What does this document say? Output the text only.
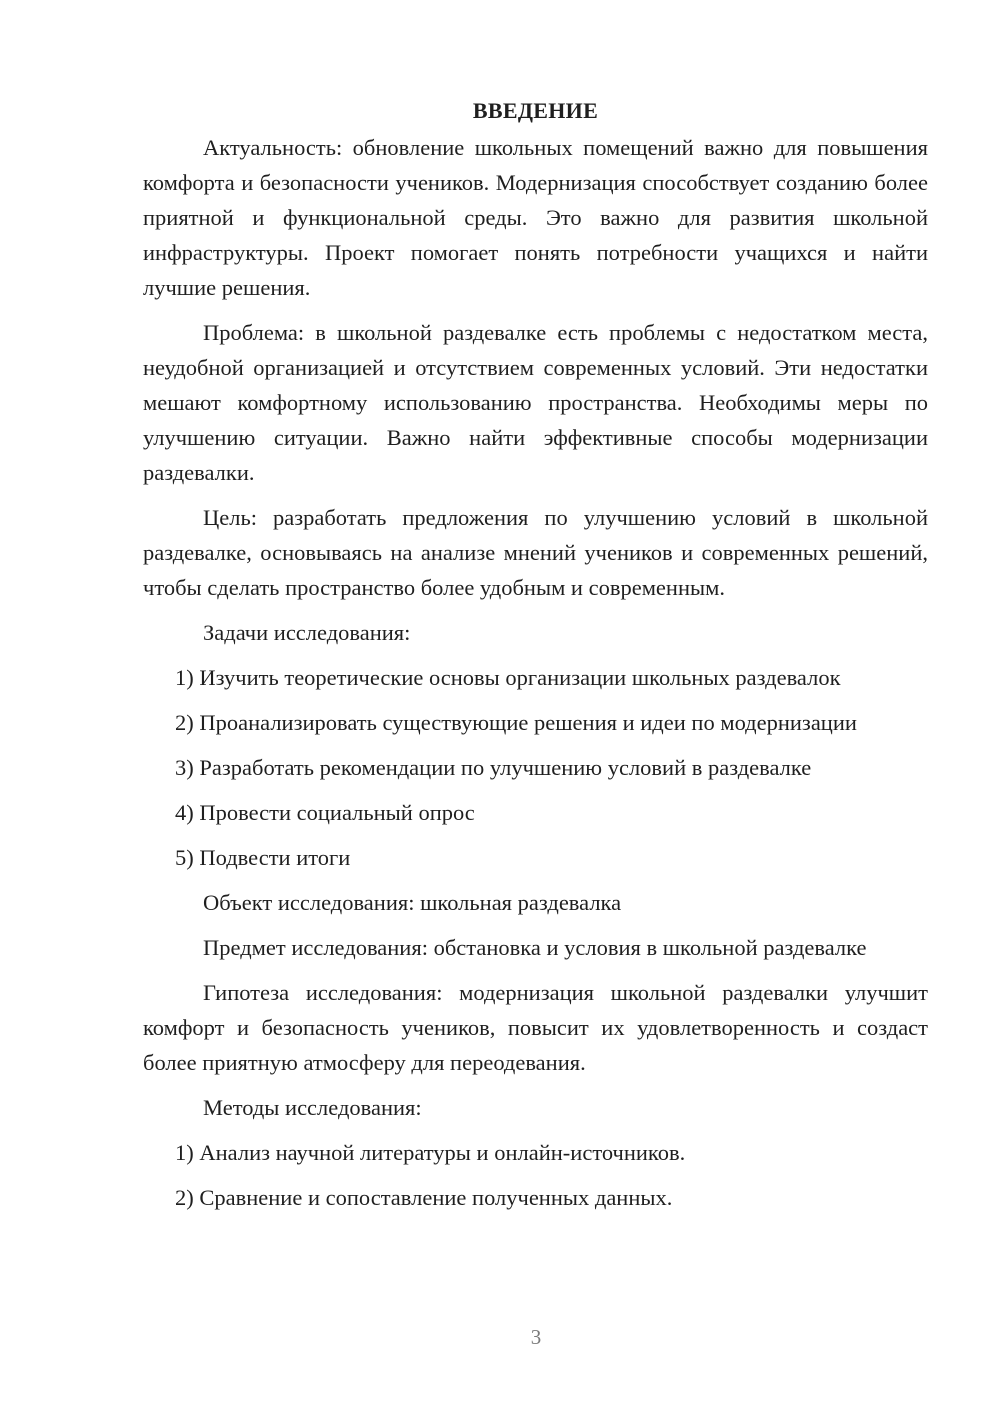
ВВЕДЕНИЕ

Актуальность: обновление школьных помещений важно для повышения комфорта и безопасности учеников. Модернизация способствует созданию более приятной и функциональной среды. Это важно для развития школьной инфраструктуры. Проект помогает понять потребности учащихся и найти лучшие решения.

Проблема: в школьной раздевалке есть проблемы с недостатком места, неудобной организацией и отсутствием современных условий. Эти недостатки мешают комфортному использованию пространства. Необходимы меры по улучшению ситуации. Важно найти эффективные способы модернизации раздевалки.

Цель: разработать предложения по улучшению условий в школьной раздевалке, основываясь на анализе мнений учеников и современных решений, чтобы сделать пространство более удобным и современным.

Задачи исследования:
1) Изучить теоретические основы организации школьных раздевалок
2) Проанализировать существующие решения и идеи по модернизации
3) Разработать рекомендации по улучшению условий в раздевалке
4) Провести социальный опрос
5) Подвести итоги
Объект исследования: школьная раздевалка

Предмет исследования: обстановка и условия в школьной раздевалке

Гипотеза исследования: модернизация школьной раздевалки улучшит комфорт и безопасность учеников, повысит их удовлетворенность и создаст более приятную атмосферу для переодевания.

Методы исследования:
1) Анализ научной литературы и онлайн-источников.
2) Сравнение и сопоставление полученных данных.
3
